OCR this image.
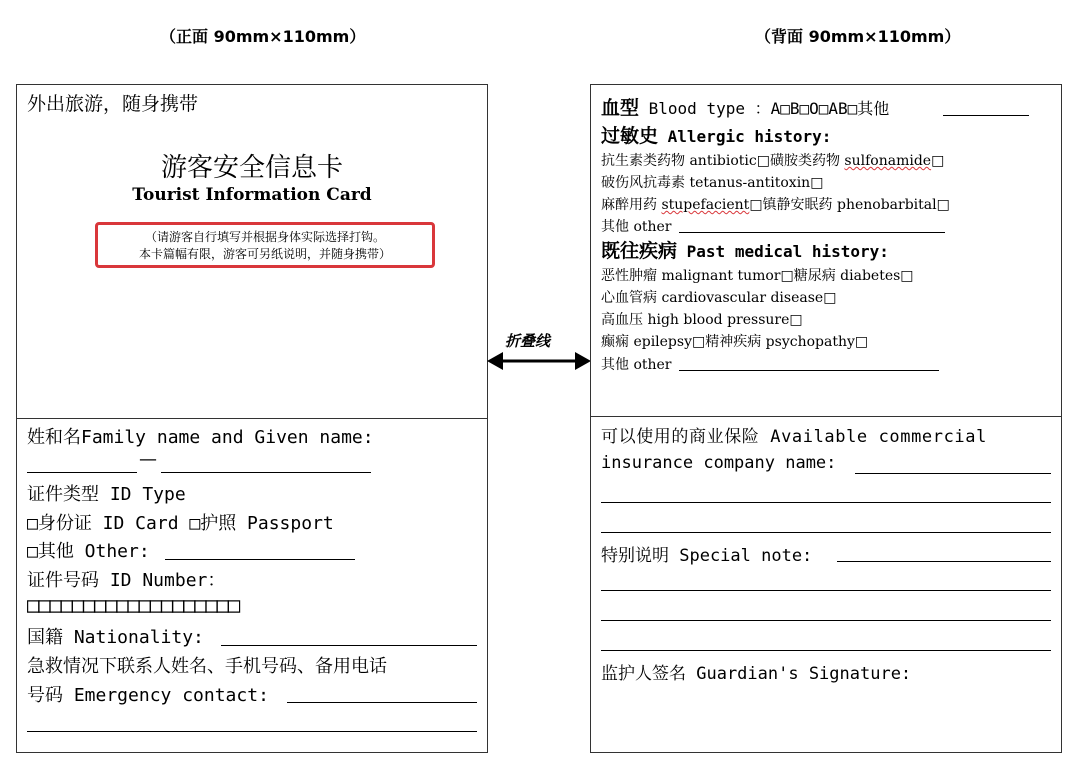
（正面 90mm×110mm）	（背面 90mm×110mm）
外出旅游，随身携带
游客安全信息卡
Tourist Information Card
（请游客自行填写并根据身体实际选择打钩。
本卡篇幅有限，游客可另纸说明，并随身携带）
姓和名Family name and Given name:
—
证件类型 ID Type
□身份证 ID Card □护照 Passport
□其他 Other:
证件号码 ID Number：
□□□□□□□□□□□□□□□□□□□
国籍 Nationality:
急救情况下联系人姓名、手机号码、备用电话
号码 Emergency contact:
折叠线
血型 Blood type ：A□B□O□AB□其他
过敏史 Allergic history:
抗生素类药物 antibiotic□磺胺类药物 sulfonamide□
破伤风抗毒素 tetanus-antitoxin□
麻醉用药 stupefacient□镇静安眠药 phenobarbital□
其他 other
既往疾病 Past medical history:
恶性肿瘤 malignant tumor□糖尿病 diabetes□
心血管病 cardiovascular disease□
高血压 high blood pressure□
癫痫 epilepsy□精神疾病 psychopathy□
其他 other
可以使用的商业保险 Available commercial
insurance company name:
特别说明 Special note:
监护人签名 Guardian's Signature:
